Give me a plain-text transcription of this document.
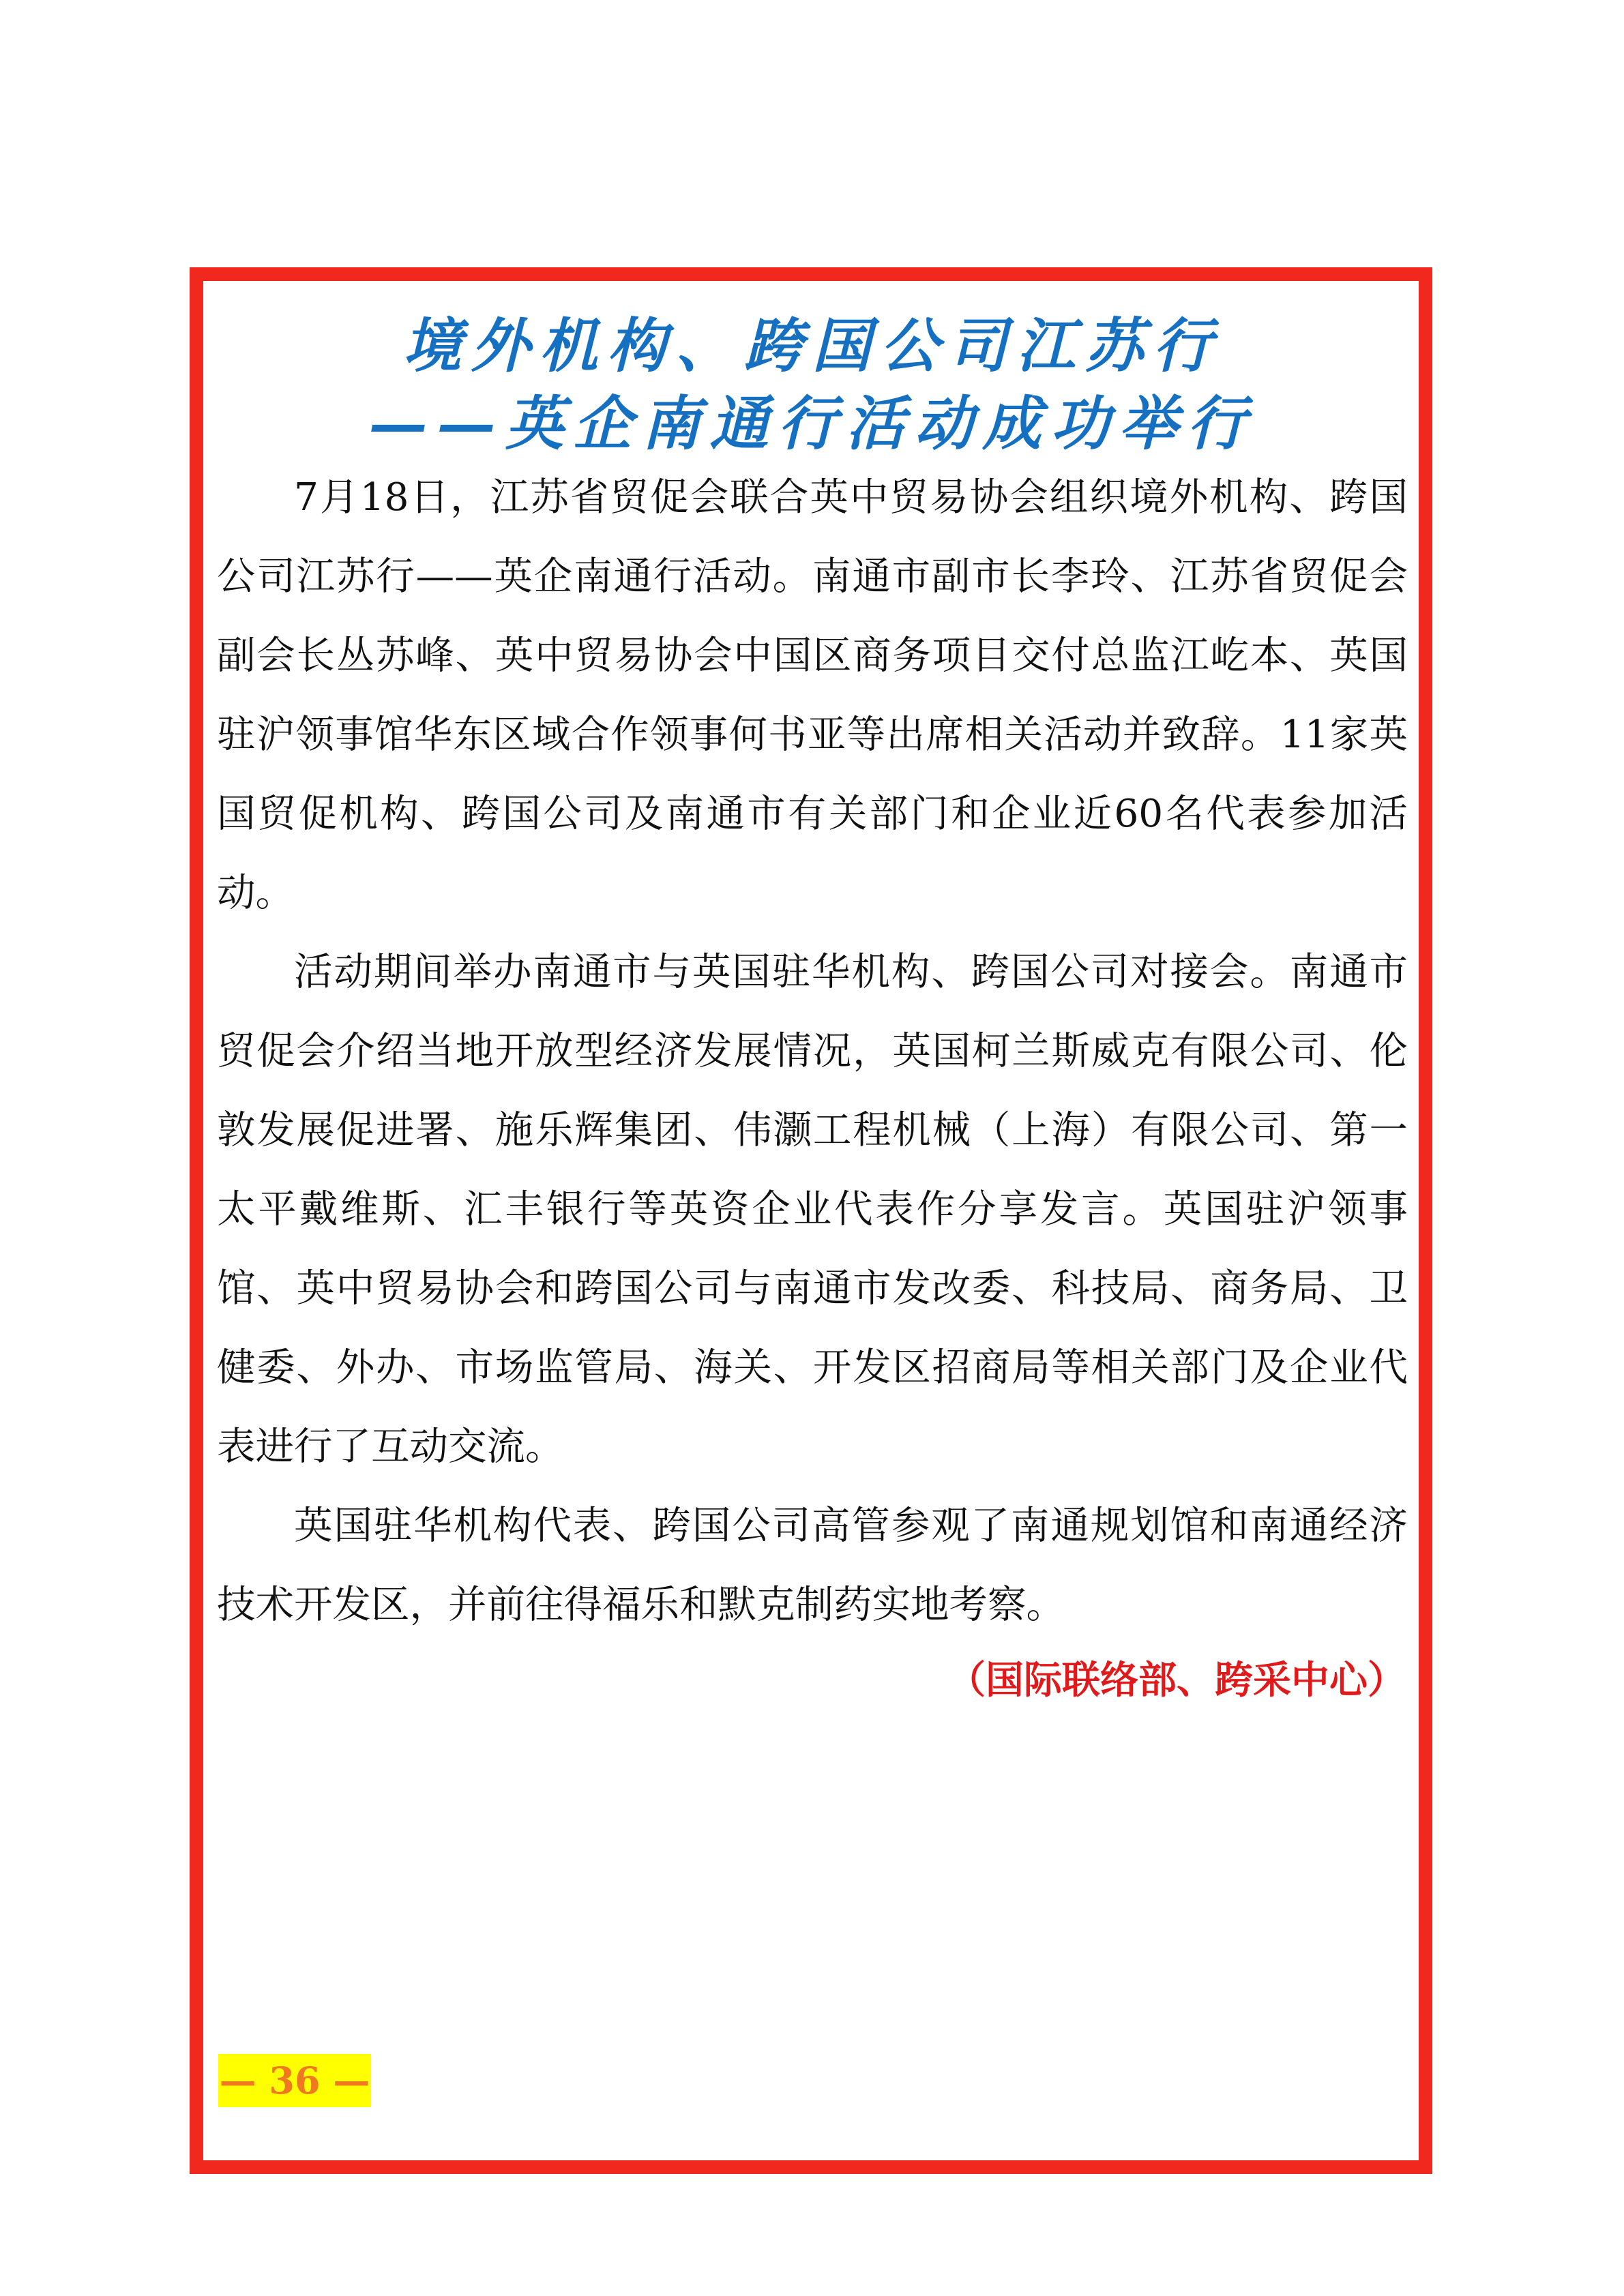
境外机构、跨国公司江苏行
——英企南通行活动成功举行

7月18日，江苏省贸促会联合英中贸易协会组织境外机构、跨国公司江苏行——英企南通行活动。南通市副市长李玲、江苏省贸促会副会长丛苏峰、英中贸易协会中国区商务项目交付总监江屹本、英国驻沪领事馆华东区域合作领事何书亚等出席相关活动并致辞。11家英国贸促机构、跨国公司及南通市有关部门和企业近60名代表参加活动。

活动期间举办南通市与英国驻华机构、跨国公司对接会。南通市贸促会介绍当地开放型经济发展情况，英国柯兰斯威克有限公司、伦敦发展促进署、施乐辉集团、伟灏工程机械（上海）有限公司、第一太平戴维斯、汇丰银行等英资企业代表作分享发言。英国驻沪领事馆、英中贸易协会和跨国公司与南通市发改委、科技局、商务局、卫健委、外办、市场监管局、海关、开发区招商局等相关部门及企业代表进行了互动交流。

英国驻华机构代表、跨国公司高管参观了南通规划馆和南通经济技术开发区，并前往得福乐和默克制药实地考察。

（国际联络部、跨采中心）
— 36 —
